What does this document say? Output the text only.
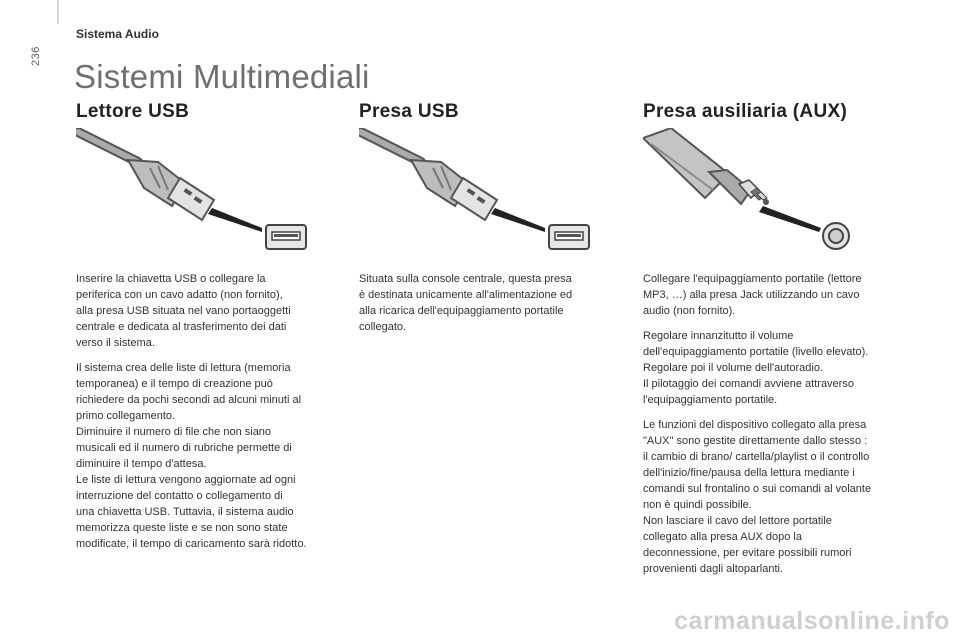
236
Sistema Audio
Sistemi Multimediali
Lettore USB

Inserire la chiavetta USB o collegare la
periferica con un cavo adatto (non fornito),
alla presa USB situata nel vano portaoggetti
centrale e dedicata al trasferimento dei dati
verso il sistema.

Il sistema crea delle liste di lettura (memoria
temporanea) e il tempo di creazione può
richiedere da pochi secondi ad alcuni minuti al
primo collegamento.
Diminuire il numero di file che non siano
musicali ed il numero di rubriche permette di
diminuire il tempo d'attesa.
Le liste di lettura vengono aggiornate ad ogni
interruzione del contatto o collegamento di
una chiavetta USB. Tuttavia, il sistema audio
memorizza queste liste e se non sono state
modificate, il tempo di caricamento sarà ridotto.

Presa USB

Situata sulla console centrale, questa presa
è destinata unicamente all'alimentazione ed
alla ricarica dell'equipaggiamento portatile
collegato.

Presa ausiliaria (AUX)

Collegare l'equipaggiamento portatile (lettore
MP3, …) alla presa Jack utilizzando un cavo
audio (non fornito).

Regolare innanzitutto il volume
dell'equipaggiamento portatile (livello elevato).
Regolare poi il volume dell'autoradio.
Il pilotaggio dei comandi avviene attraverso
l'equipaggiamento portatile.

Le funzioni del dispositivo collegato alla presa
"AUX" sono gestite direttamente dallo stesso :
il cambio di brano/ cartella/playlist o il controllo
dell'inizio/fine/pausa della lettura mediante i
comandi sul frontalino o sui comandi al volante
non è quindi possibile.
Non lasciare il cavo del lettore portatile
collegato alla presa AUX dopo la
deconnessione, per evitare possibili rumori
provenienti dagli altoparlanti.

carmanualsonline.info
